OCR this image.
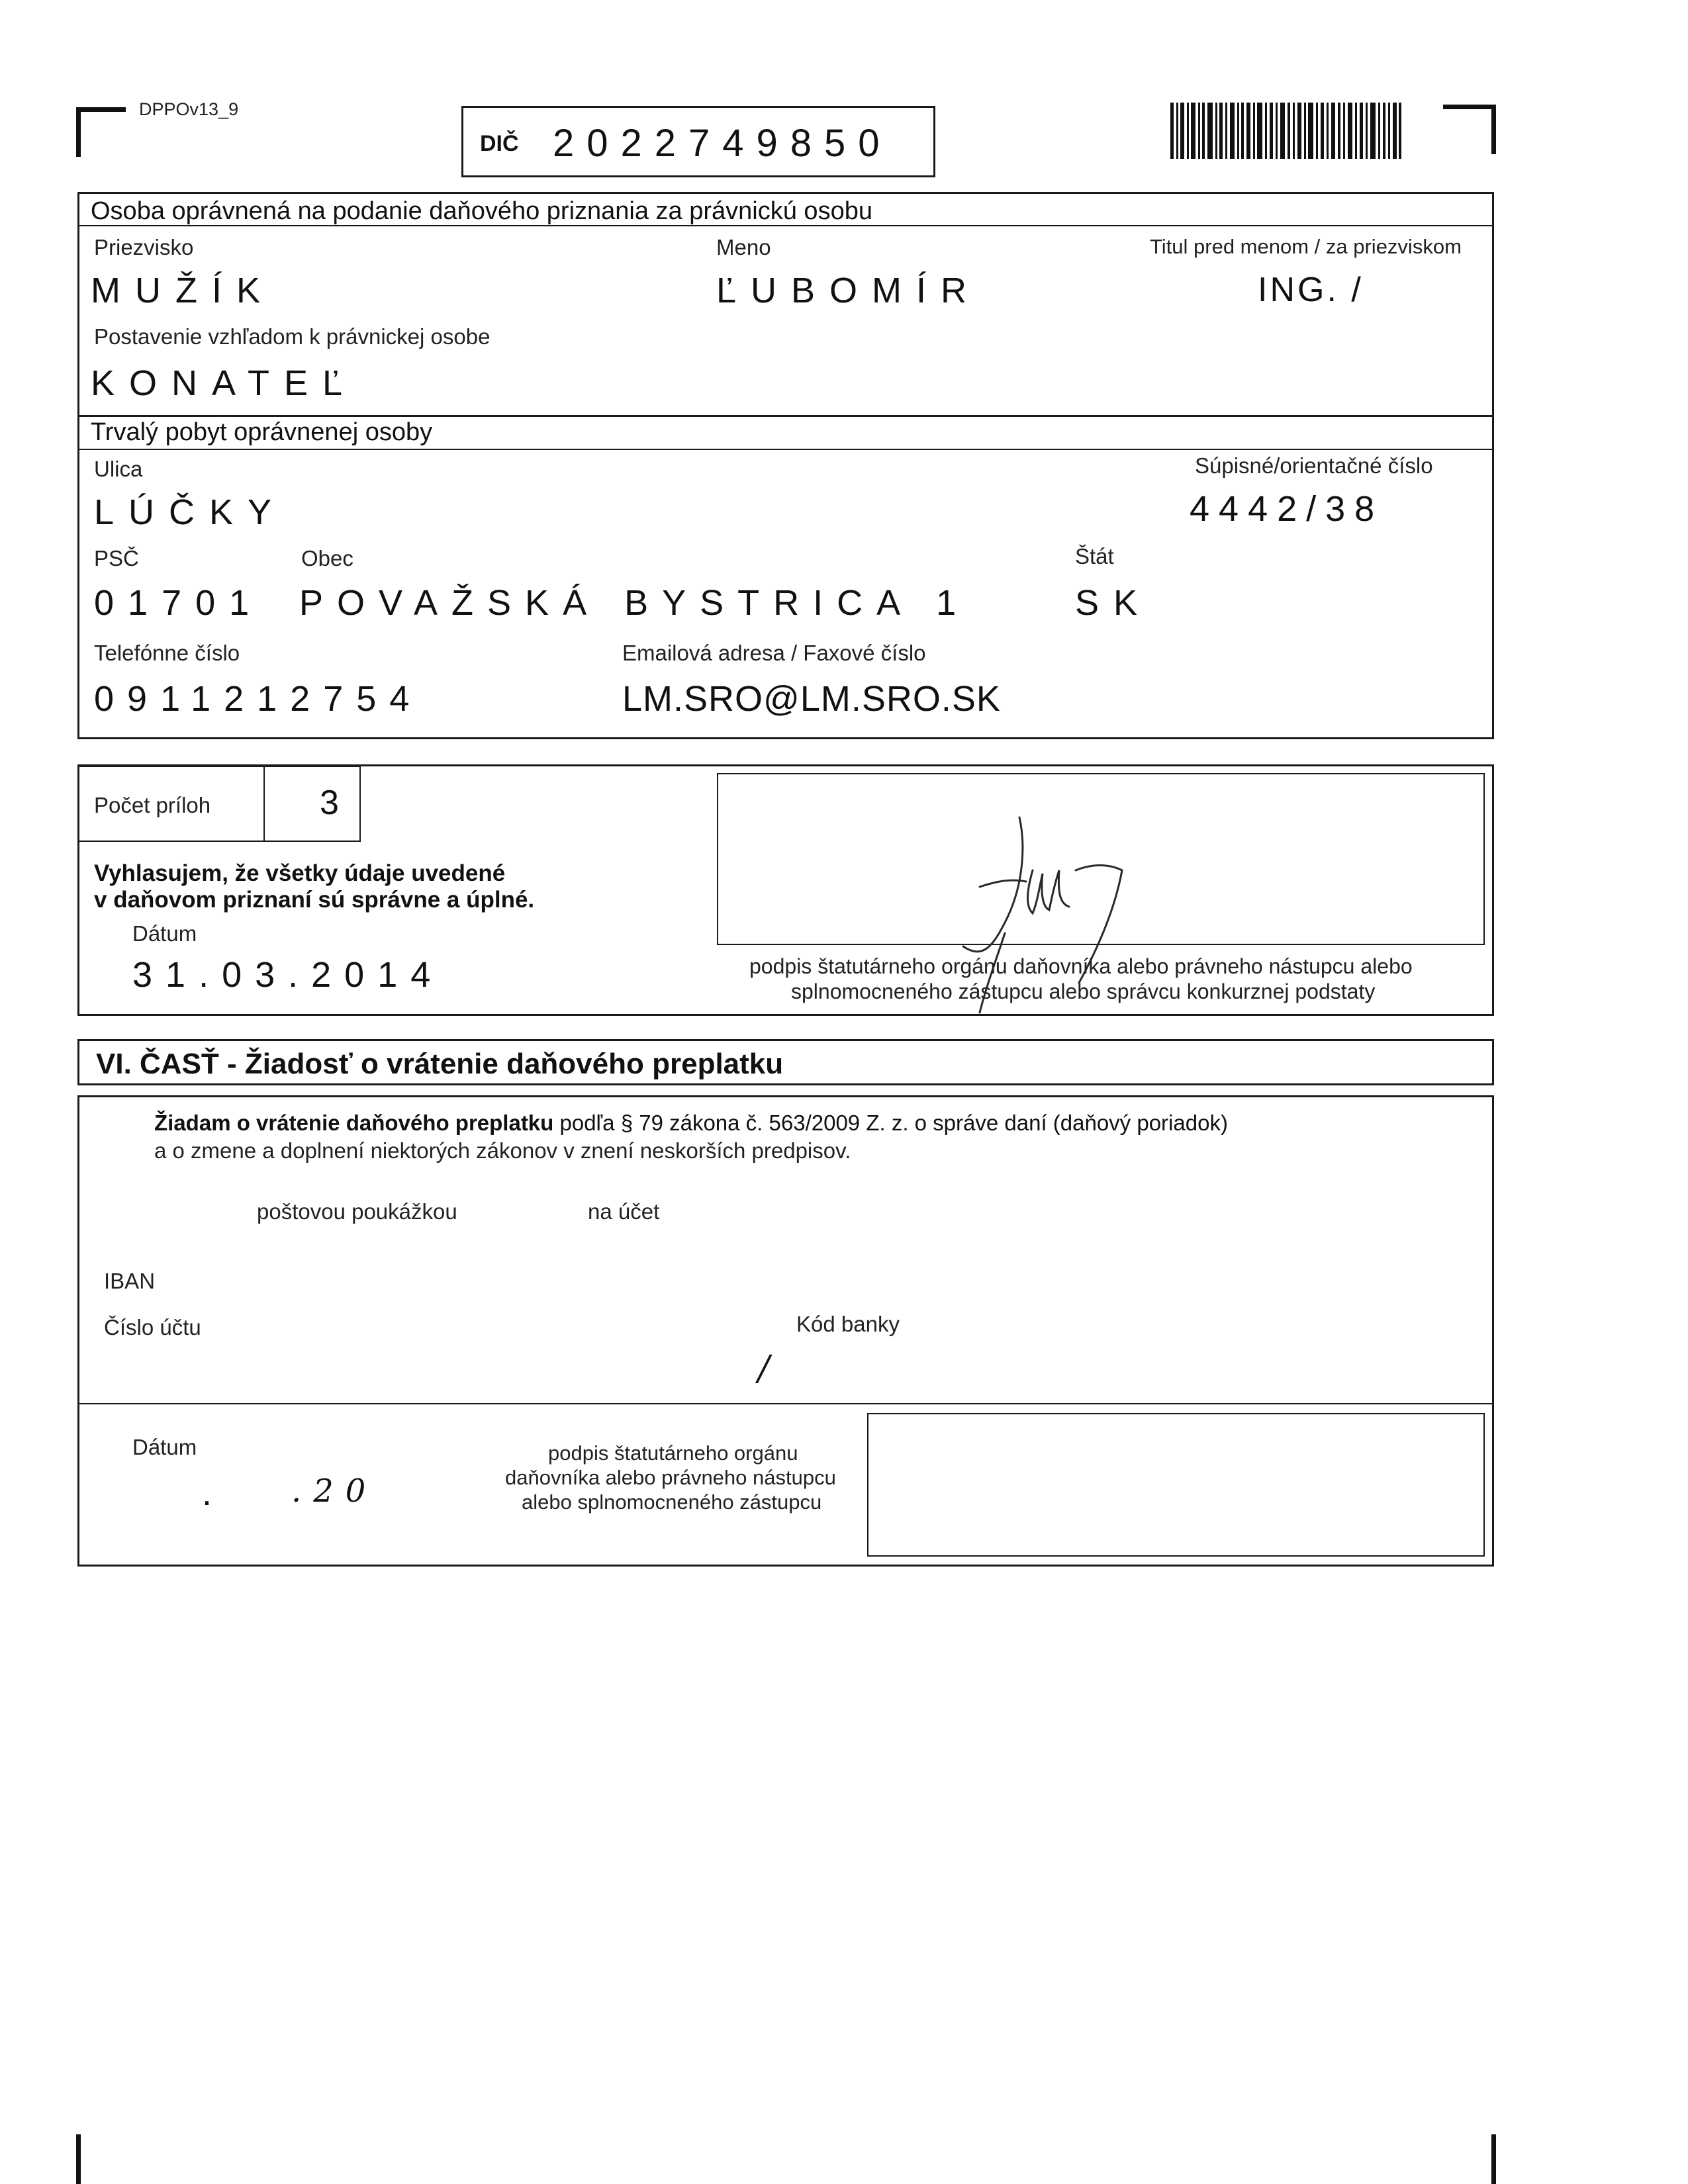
DPPOv13_9
DIČ 2022749850
Osoba oprávnená na podanie daňového priznania za právnickú osobu
Priezvisko
MUŽÍK
Meno
ĽUBOMÍR
Titul pred menom / za priezviskom
ING. /
Postavenie vzhľadom k právnickej osobe
KONATEĽ
Trvalý pobyt oprávnenej osoby
Ulica
LÚČKY
Súpisné/orientačné číslo
4442/38
PSČ
01701
Obec
POVAŽSKÁ BYSTRICA 1
Štát
SK
Telefónne číslo
0911212754
Emailová adresa / Faxové číslo
LM.SRO@LM.SRO.SK
Počet príloh	3
Vyhlasujem, že všetky údaje uvedené
v daňovom priznaní sú správne a úplné.
Dátum
31.03.2014	podpis štatutárneho orgánu daňovníka alebo právneho nástupcu alebo
splnomocneného zástupcu alebo správcu konkurznej podstaty
VI. ČASŤ - Žiadosť o vrátenie daňového preplatku
Žiadam o vrátenie daňového preplatku podľa § 79 zákona č. 563/2009 Z. z. o správe daní (daňový poriadok)
a o zmene a doplnení niektorých zákonov v znení neskorších predpisov.
poštovou poukážkou	na účet
IBAN
Číslo účtu	Kód banky
/
Dátum
. .20
podpis štatutárneho orgánu
daňovníka alebo právneho nástupcu
alebo splnomocneného zástupcu
